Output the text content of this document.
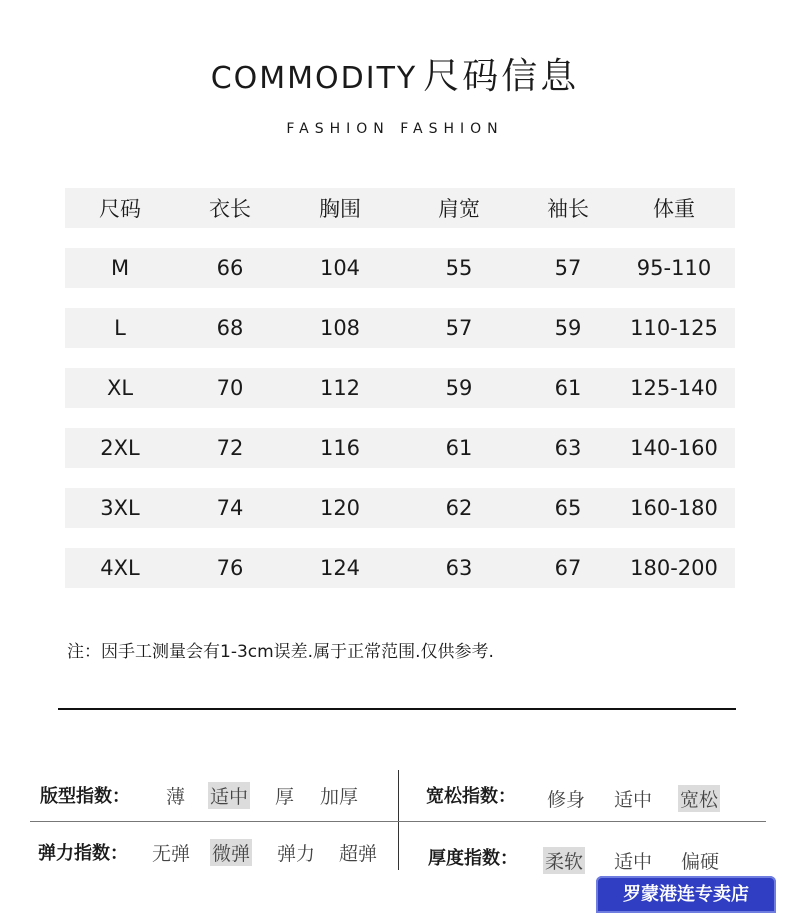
COMMODITY 尺码信息
FASHION FASHION
尺码	衣长	胸围	肩宽	袖长	体重
M	66	104	55	57	95-110
L	68	108	57	59	110-125
XL	70	112	59	61	125-140
2XL	72	116	61	63	140-160
3XL	74	120	62	65	160-180
4XL	76	124	63	67	180-200
注：因手工测量会有1-3cm误差.属于正常范围.仅供参考.
版型指数： 薄 适中 厚 加厚	宽松指数： 修身 适中 宽松
弹力指数： 无弹 微弹 弹力 超弹	厚度指数： 柔软 适中 偏硬
罗蒙港连专卖店
